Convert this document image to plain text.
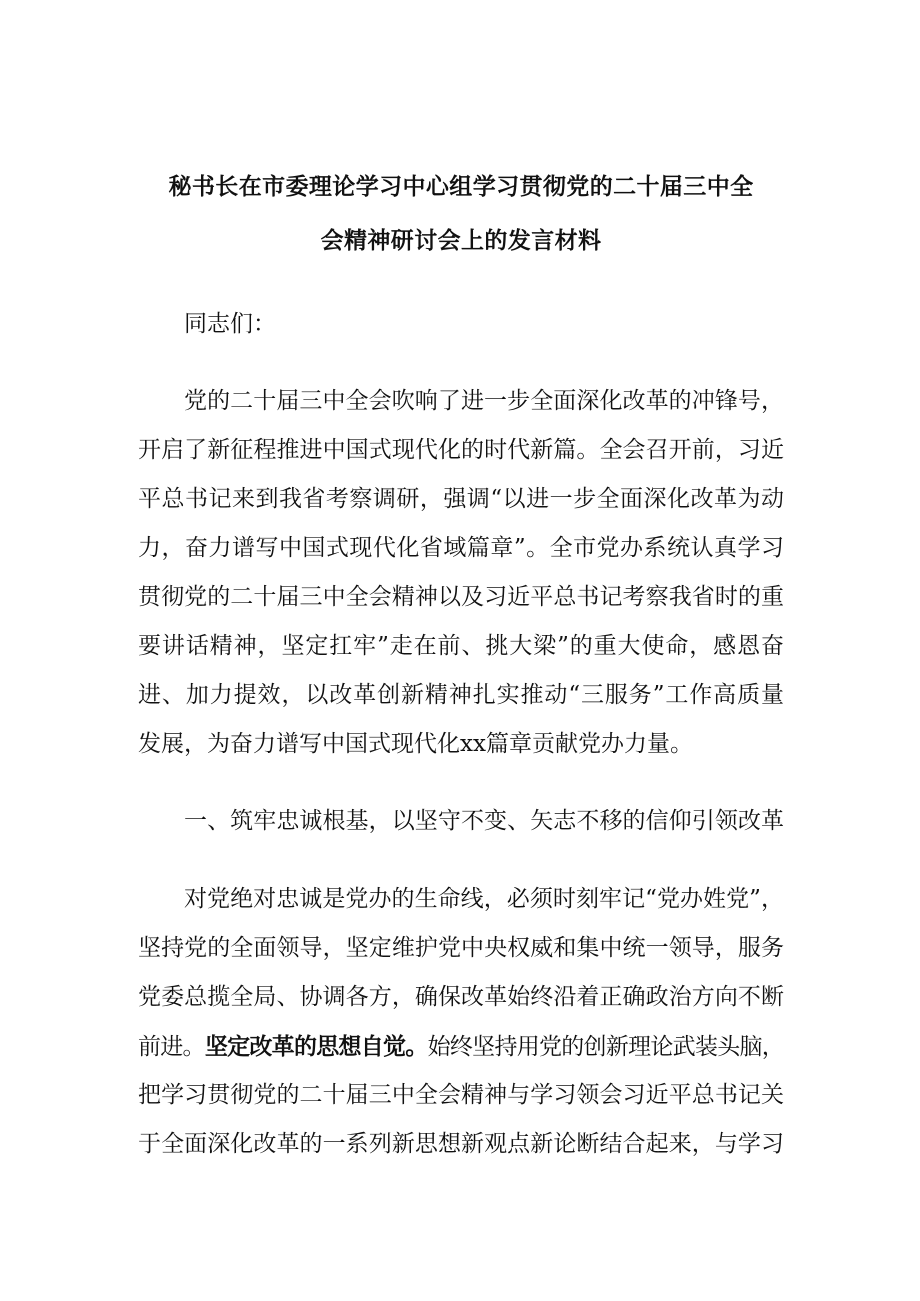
秘书长在市委理论学习中心组学习贯彻党的二十届三中全
会精神研讨会上的发言材料
同志们：
党的二十届三中全会吹响了进一步全面深化改革的冲锋号，
开启了新征程推进中国式现代化的时代新篇。全会召开前，习近
平总书记来到我省考察调研，强调“以进一步全面深化改革为动
力，奋力谱写中国式现代化省域篇章”。全市党办系统认真学习
贯彻党的二十届三中全会精神以及习近平总书记考察我省时的重
要讲话精神，坚定扛牢”走在前、挑大梁”的重大使命，感恩奋
进、加力提效，以改革创新精神扎实推动“三服务”工作高质量
发展，为奋力谱写中国式现代化xx篇章贡献党办力量。
一、筑牢忠诚根基，以坚守不变、矢志不移的信仰引领改革
对党绝对忠诚是党办的生命线，必须时刻牢记“党办姓党”，
坚持党的全面领导，坚定维护党中央权威和集中统一领导，服务
党委总揽全局、协调各方，确保改革始终沿着正确政治方向不断
前进。坚定改革的思想自觉。始终坚持用党的创新理论武装头脑，
把学习贯彻党的二十届三中全会精神与学习领会习近平总书记关
于全面深化改革的一系列新思想新观点新论断结合起来，与学习
